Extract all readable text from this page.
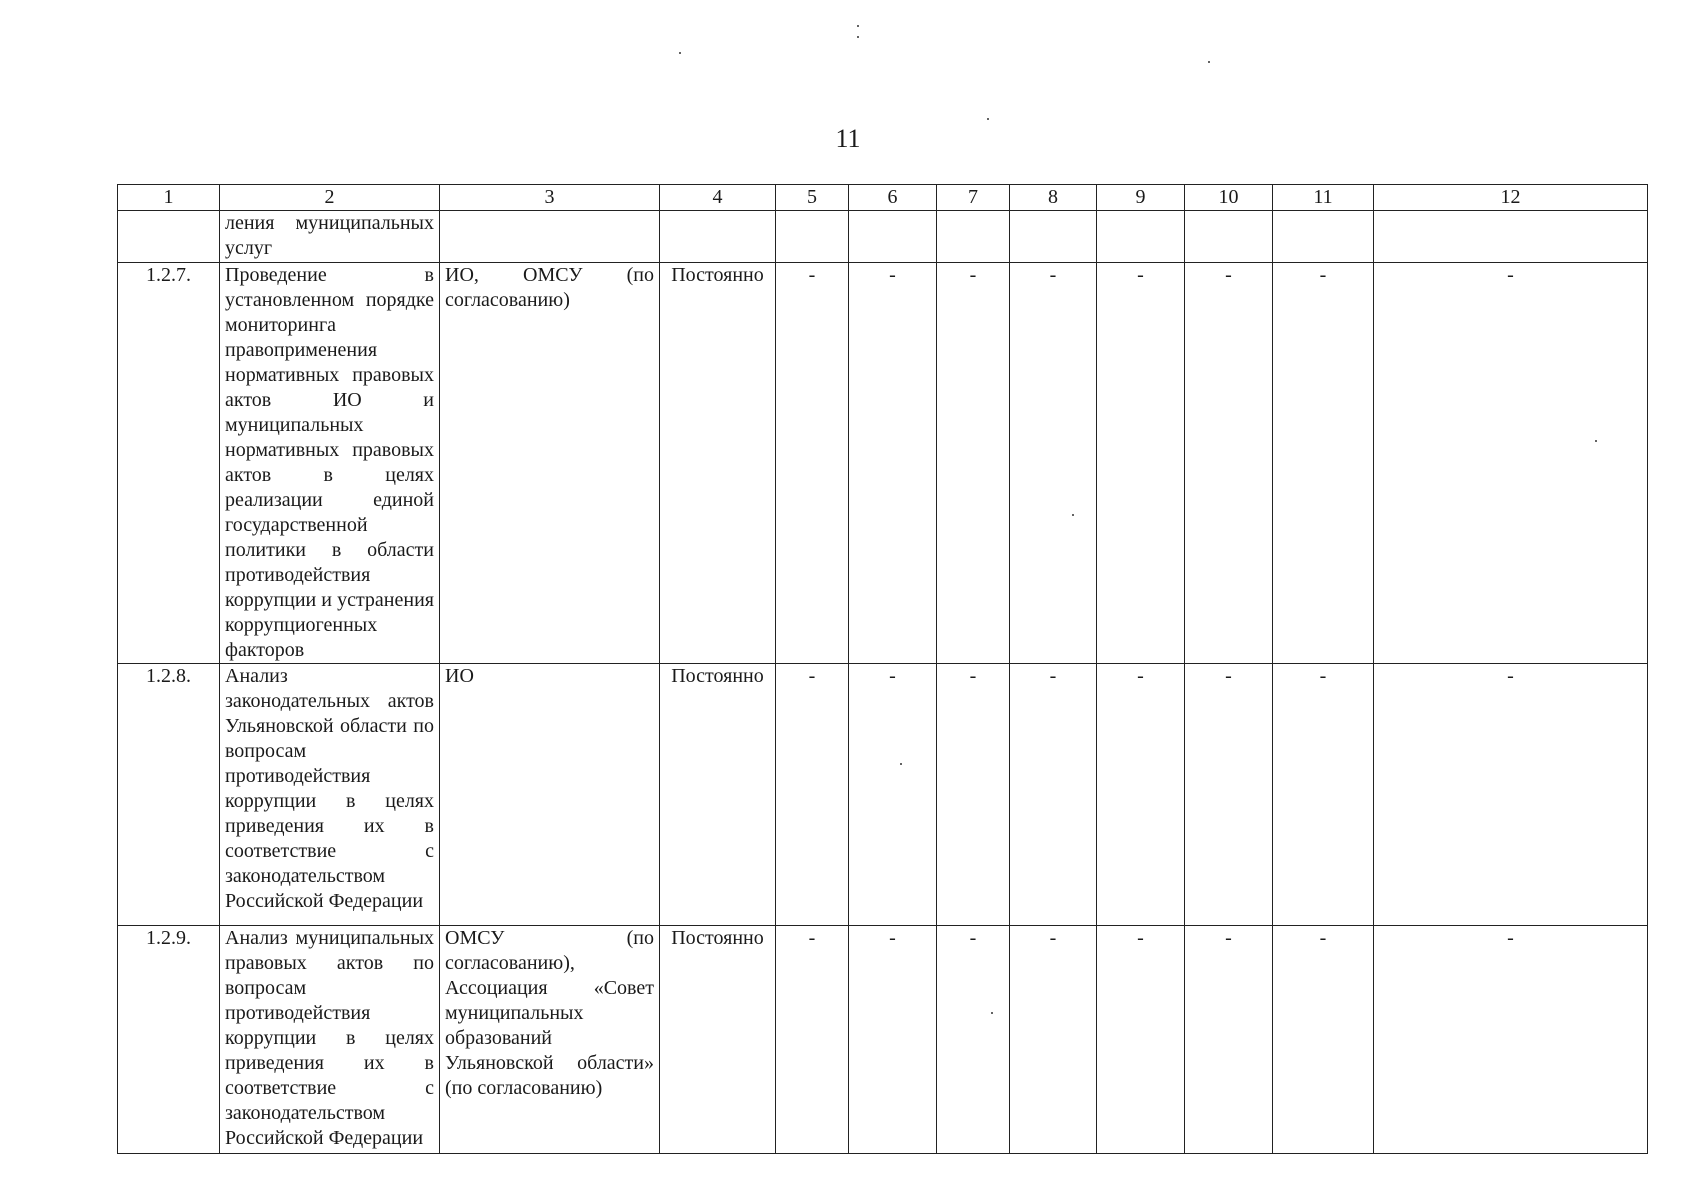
11
1	2	3	4	5	6	7	8	9	10	11	12
	ления муниципальных услуг										
1.2.7.	Проведение в установленном порядке мониторинга правоприменения нормативных правовых актов ИО и муниципальных нормативных правовых актов в целях реализации единой государственной политики в области противодействия коррупции и устранения коррупциогенных факторов	ИО, ОМСУ (по согласованию)	Постоянно	-	-	-	-	-	-	-	-
1.2.8.	Анализ законодательных актов Ульяновской области по вопросам противодействия коррупции в целях приведения их в соответствие с законодательством Российской Федерации	ИО	Постоянно	-	-	-	-	-	-	-	-
1.2.9.	Анализ муниципальных правовых актов по вопросам противодействия коррупции в целях приведения их в соответствие с законодательством Российской Федерации	ОМСУ (по согласованию), Ассоциация «Совет муниципальных образований Ульяновской области» (по согласованию)	Постоянно	-	-	-	-	-	-	-	-
